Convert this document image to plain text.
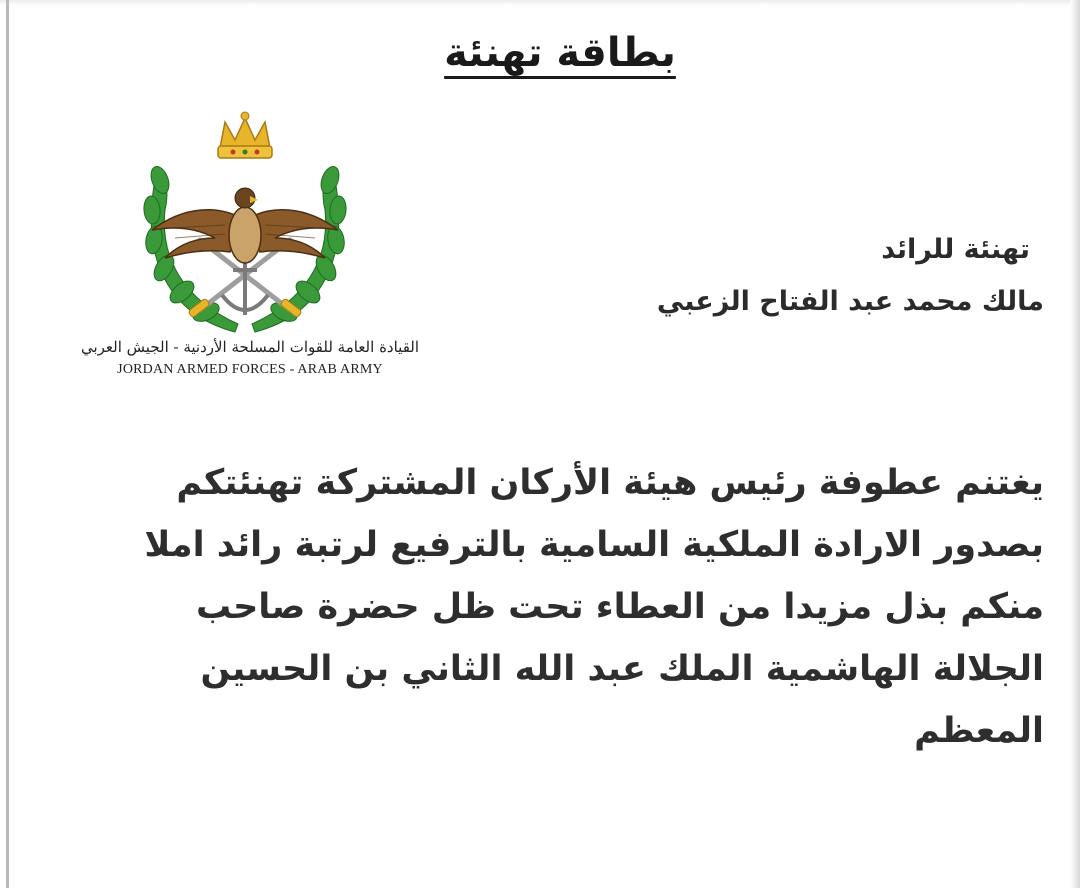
بطاقة تهنئة
القيادة العامة للقوات المسلحة الأردنية - الجيش العربي
JORDAN ARMED FORCES - ARAB ARMY
تهنئة للرائد
مالك محمد عبد الفتاح الزعبي
يغتنم عطوفة رئيس هيئة الأركان المشتركة تهنئتكم
بصدور الارادة الملكية السامية بالترفيع لرتبة رائد املا
منكم بذل مزيدا من العطاء تحت ظل حضرة صاحب
الجلالة الهاشمية الملك عبد الله الثاني بن الحسين
المعظم
